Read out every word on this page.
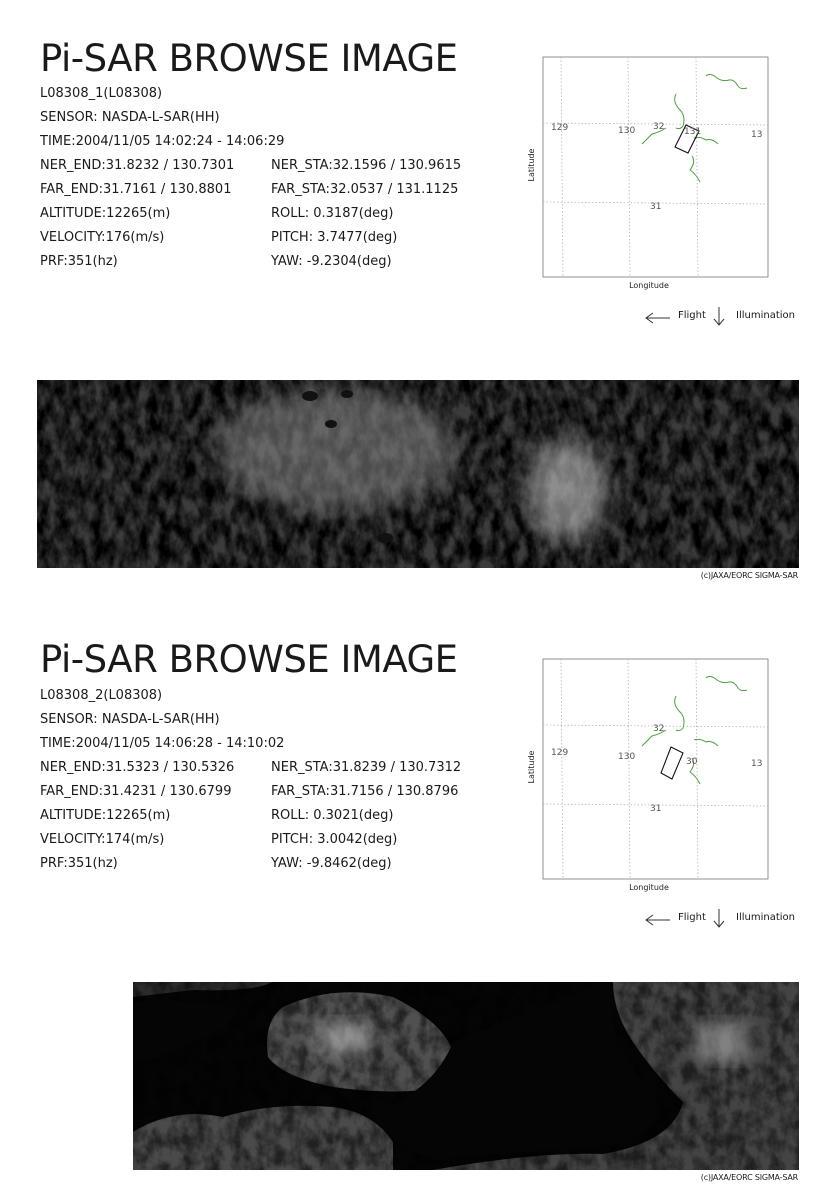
Pi-SAR BROWSE IMAGE
L08308_1(L08308)
SENSOR: NASDA-L-SAR(HH)
TIME:2004/11/05 14:02:24 - 14:06:29
NER_END:31.8232 / 130.7301	NER_STA:32.1596 / 130.9615
FAR_END:31.7161 / 130.8801	FAR_STA:32.0537 / 131.1125
ALTITUDE:12265(m)	ROLL: 0.3187(deg)
VELOCITY:176(m/s)	PITCH: 3.7477(deg)
PRF:351(hz)	YAW: -9.2304(deg)
129	130	131	13
32
31
Latitude
Longitude
Flight	Illumination
(c)JAXA/EORC SIGMA-SAR
Pi-SAR BROWSE IMAGE
L08308_2(L08308)
SENSOR: NASDA-L-SAR(HH)
TIME:2004/11/05 14:06:28 - 14:10:02
NER_END:31.5323 / 130.5326	NER_STA:31.8239 / 130.7312
FAR_END:31.4231 / 130.6799	FAR_STA:31.7156 / 130.8796
ALTITUDE:12265(m)	ROLL: 0.3021(deg)
VELOCITY:174(m/s)	PITCH: 3.0042(deg)
PRF:351(hz)	YAW: -9.8462(deg)
129	130	30	13
32
31
Latitude
Longitude
Flight	Illumination
(c)JAXA/EORC SIGMA-SAR
